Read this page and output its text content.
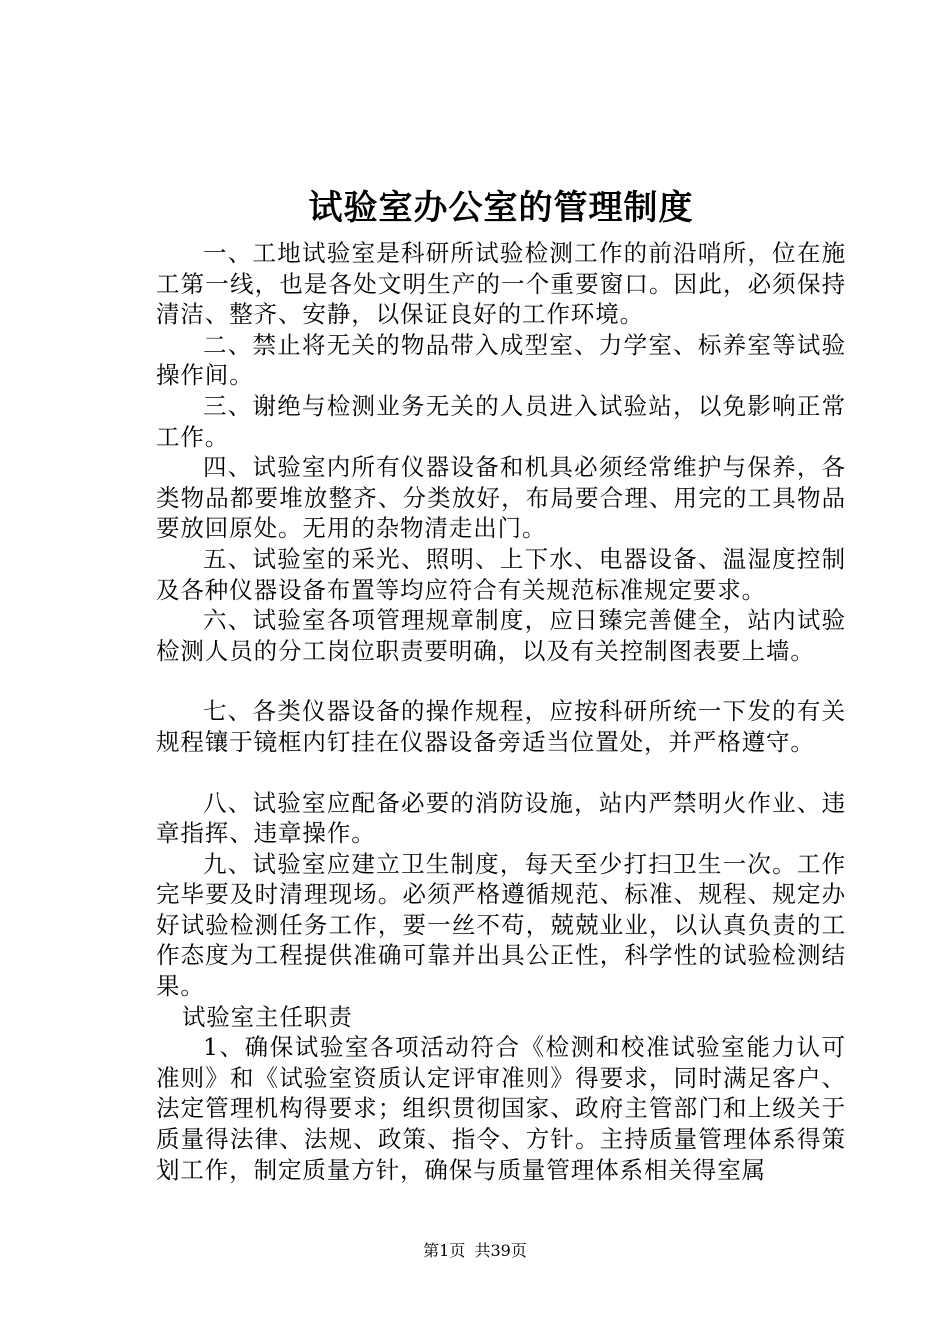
试验室办公室的管理制度

一、工地试验室是科研所试验检测工作的前沿哨所，位在施工第一线，也是各处文明生产的一个重要窗口。因此，必须保持清洁、整齐、安静，以保证良好的工作环境。

二、禁止将无关的物品带入成型室、力学室、标养室等试验操作间。

三、谢绝与检测业务无关的人员进入试验站，以免影响正常工作。

四、试验室内所有仪器设备和机具必须经常维护与保养，各类物品都要堆放整齐、分类放好，布局要合理、用完的工具物品要放回原处。无用的杂物清走出门。

五、试验室的采光、照明、上下水、电器设备、温湿度控制及各种仪器设备布置等均应符合有关规范标准规定要求。

六、试验室各项管理规章制度，应日臻完善健全，站内试验检测人员的分工岗位职责要明确，以及有关控制图表要上墙。

七、各类仪器设备的操作规程，应按科研所统一下发的有关规程镶于镜框内钉挂在仪器设备旁适当位置处，并严格遵守。

八、试验室应配备必要的消防设施，站内严禁明火作业、违章指挥、违章操作。

九、试验室应建立卫生制度，每天至少打扫卫生一次。工作完毕要及时清理现场。必须严格遵循规范、标准、规程、规定办好试验检测任务工作，要一丝不苟，兢兢业业，以认真负责的工作态度为工程提供准确可靠并出具公正性，科学性的试验检测结果。

试验室主任职责

1、确保试验室各项活动符合《检测和校准试验室能力认可准则》和《试验室资质认定评审准则》得要求，同时满足客户、法定管理机构得要求；组织贯彻国家、政府主管部门和上级关于质量得法律、法规、政策、指令、方针。主持质量管理体系得策划工作，制定质量方针，确保与质量管理体系相关得室属

第1页 共39页
